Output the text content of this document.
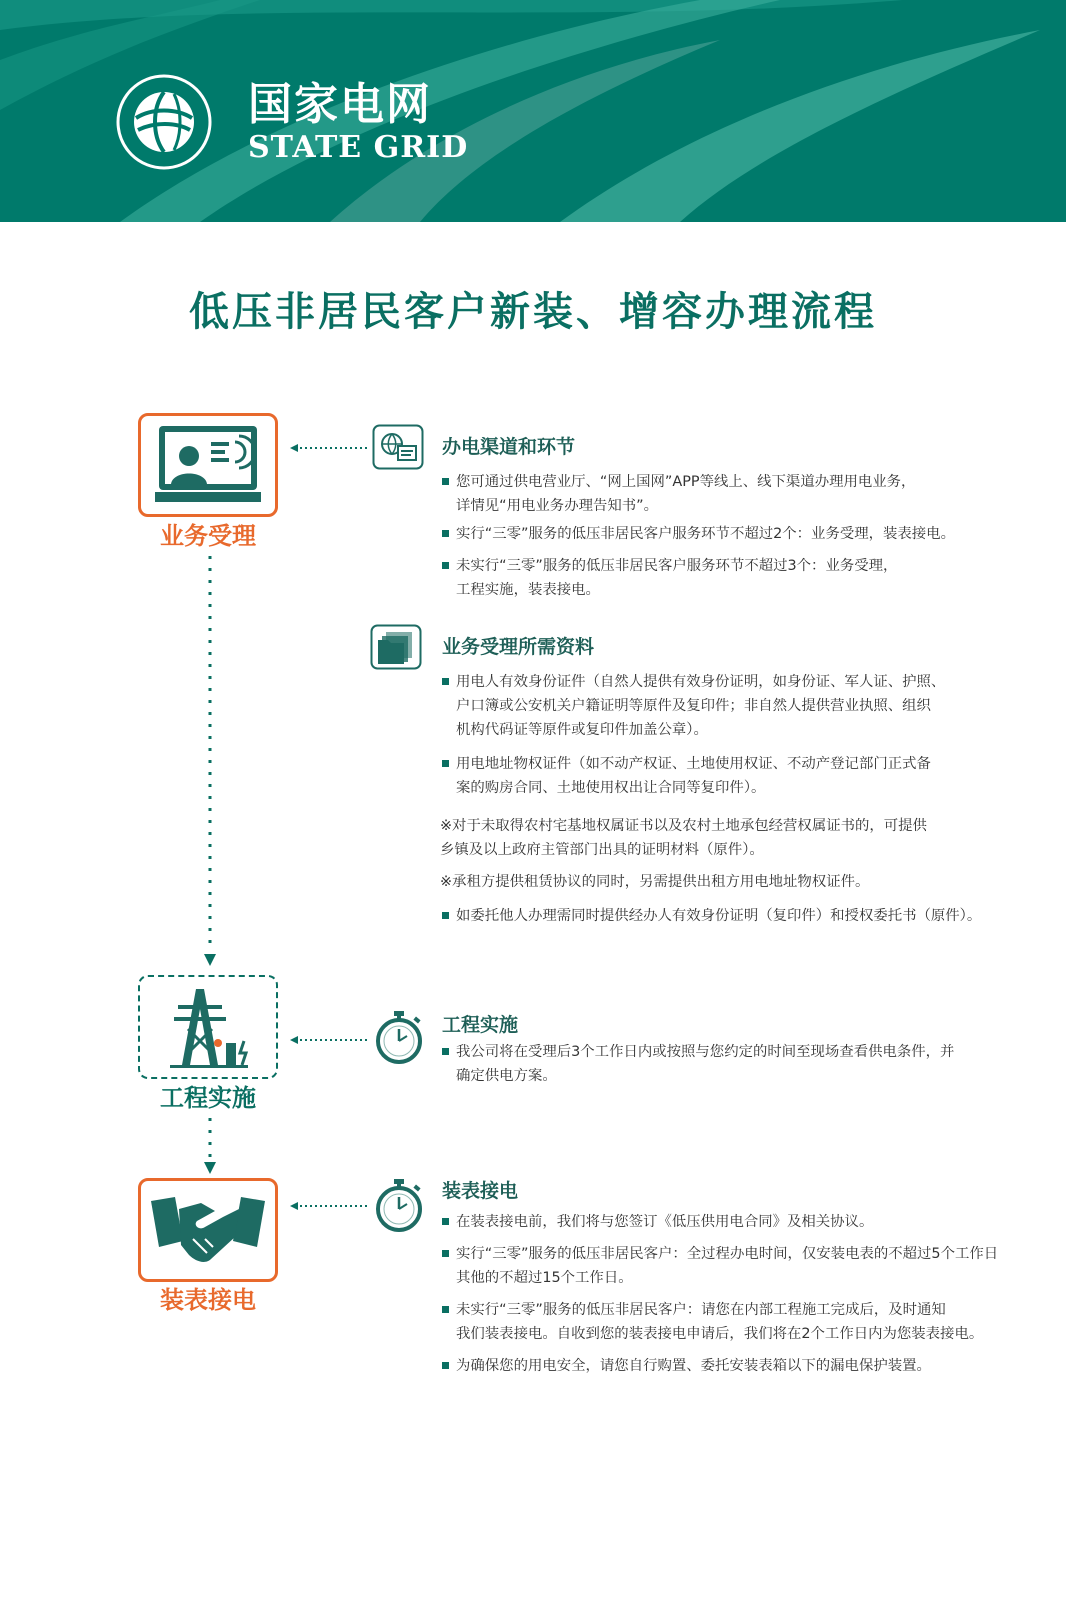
国家电网
STATE GRID
低压非居民客户新装、增容办理流程
业务受理
工程实施
装表接电
办电渠道和环节
您可通过供电营业厅、“网上国网”APP等线上、线下渠道办理用电业务，
详情见“用电业务办理告知书”。
实行“三零”服务的低压非居民客户服务环节不超过2个：业务受理，装表接电。
未实行“三零”服务的低压非居民客户服务环节不超过3个：业务受理，
工程实施，装表接电。
业务受理所需资料
用电人有效身份证件（自然人提供有效身份证明，如身份证、军人证、护照、
户口簿或公安机关户籍证明等原件及复印件；非自然人提供营业执照、组织
机构代码证等原件或复印件加盖公章）。
用电地址物权证件（如不动产权证、土地使用权证、不动产登记部门正式备
案的购房合同、土地使用权出让合同等复印件）。
※对于未取得农村宅基地权属证书以及农村土地承包经营权属证书的，可提供
乡镇及以上政府主管部门出具的证明材料（原件）。
※承租方提供租赁协议的同时，另需提供出租方用电地址物权证件。
如委托他人办理需同时提供经办人有效身份证明（复印件）和授权委托书（原件）。
工程实施
我公司将在受理后3个工作日内或按照与您约定的时间至现场查看供电条件，并
确定供电方案。
装表接电
在装表接电前，我们将与您签订《低压供用电合同》及相关协议。
实行“三零”服务的低压非居民客户：全过程办电时间，仅安装电表的不超过5个工作日
其他的不超过15个工作日。
未实行“三零”服务的低压非居民客户：请您在内部工程施工完成后，及时通知
我们装表接电。自收到您的装表接电申请后，我们将在2个工作日内为您装表接电。
为确保您的用电安全，请您自行购置、委托安装表箱以下的漏电保护装置。
